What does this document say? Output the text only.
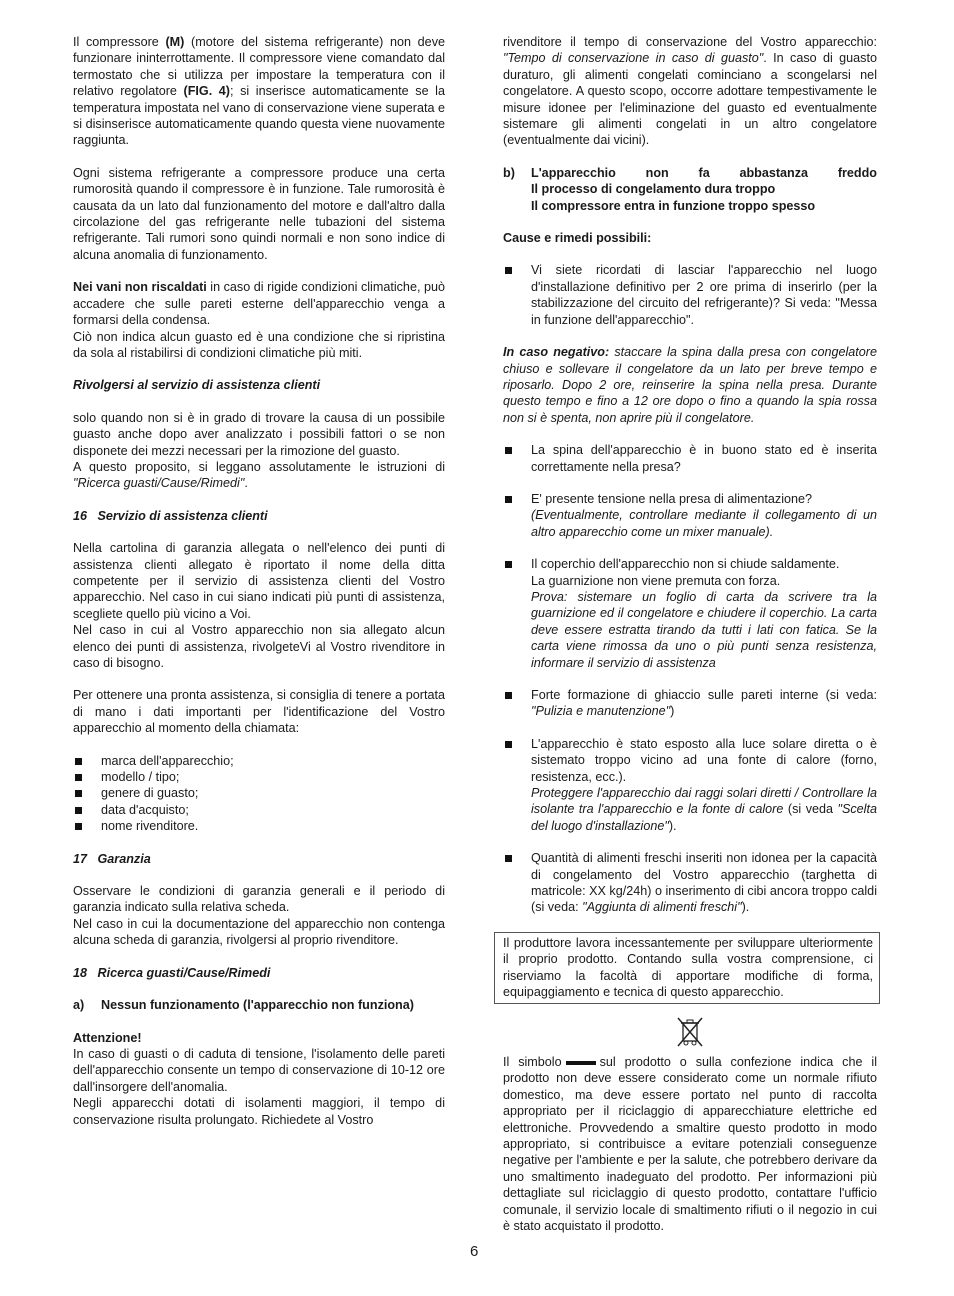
Il compressore (M) (motore del sistema refrigerante) non deve funzionare ininterrottamente. Il compressore viene comandato dal termostato che si utilizza per impostare la temperatura con il relativo regolatore (FIG. 4); si inserisce automaticamente se la temperatura impostata nel vano di conservazione viene superata e si disinserisce automaticamente quando questa viene nuovamente raggiunta.

Ogni sistema refrigerante a compressore produce una certa rumorosità quando il compressore è in funzione. Tale rumorosità è causata da un lato dal funzionamento del motore e dall'altro dalla circolazione del gas refrigerante nelle tubazioni del sistema refrigerante. Tali rumori sono quindi normali e non sono indice di alcuna anomalia di funzionamento.

Nei vani non riscaldati in caso di rigide condizioni climatiche, può accadere che sulle pareti esterne dell'apparecchio venga a formarsi della condensa.

Ciò non indica alcun guasto ed è una condizione che si ripristina da sola al ristabilirsi di condizioni climatiche più miti.

Rivolgersi al servizio di assistenza clienti

solo quando non si è in grado di trovare la causa di un possibile guasto anche dopo aver analizzato i possibili fattori o se non disponete dei mezzi necessari per la rimozione del guasto.

A questo proposito, si leggano assolutamente le istruzioni di "Ricerca guasti/Cause/Rimedi".

16   Servizio di assistenza clienti

Nella cartolina di garanzia allegata o nell'elenco dei punti di assistenza clienti allegato è riportato il nome della ditta competente per il servizio di assistenza clienti del Vostro apparecchio. Nel caso in cui siano indicati più punti di assistenza, scegliete quello più vicino a Voi.

Nel caso in cui al Vostro apparecchio non sia allegato alcun elenco dei punti di assistenza, rivolgeteVi al Vostro rivenditore in caso di bisogno.

Per ottenere una pronta assistenza, si consiglia di tenere a portata di mano i dati importanti per l'identificazione del Vostro apparecchio al momento della chiamata:

marca dell'apparecchio;
modello / tipo;
genere di guasto;
data d'acquisto;
nome rivenditore.
17   Garanzia

Osservare le condizioni di garanzia generali e il periodo di garanzia indicato sulla relativa scheda.

Nel caso in cui la documentazione del apparecchio non contenga alcuna scheda di garanzia, rivolgersi al proprio rivenditore.

18   Ricerca guasti/Cause/Rimedi
a)	Nessun funzionamento (l'apparecchio non funziona)
Attenzione!

In caso di guasti o di caduta di tensione, l'isolamento delle pareti dell'apparecchio consente un tempo di conservazione di 10-12 ore dall'insorgere dell'anomalia.

Negli apparecchi dotati di isolamenti maggiori, il tempo di conservazione risulta prolungato. Richiedete al Vostro

rivenditore il tempo di conservazione del Vostro apparecchio: "Tempo di conservazione in caso di guasto". In caso di guasto duraturo, gli alimenti congelati cominciano a scongelarsi nel congelatore. A questo scopo, occorre adottare tempestivamente le misure idonee per l'eliminazione del guasto ed eventualmente sistemare gli alimenti congelati in un altro congelatore (eventualmente dai vicini).

b)	L'apparecchio non fa abbastanza freddo
Il processo di congelamento dura troppo
Il compressore entra in funzione troppo spesso

Cause e rimedi possibili:

Vi siete ricordati di lasciar l'apparecchio nel luogo d'installazione definitivo per 2 ore prima di inserirlo (per la stabilizzazione del circuito del refrigerante)? Si veda: "Messa in funzione dell'apparecchio".

In caso negativo: staccare la spina dalla presa con congelatore chiuso e sollevare il congelatore da un lato per breve tempo e riposarlo. Dopo 2 ore, reinserire la spina nella presa. Durante questo tempo e fino a 12 ore dopo o fino a quando la spia rossa non si è spenta, non aprire più il congelatore.

La spina dell'apparecchio è in buono stato ed è inserita correttamente nella presa?
E' presente tensione nella presa di alimentazione?
(Eventualmente, controllare mediante il collegamento di un altro apparecchio come un mixer manuale).
Il coperchio dell'apparecchio non si chiude saldamente.
La guarnizione non viene premuta con forza.
Prova: sistemare un foglio di carta da scrivere tra la guarnizione ed il congelatore e chiudere il coperchio. La carta deve essere estratta tirando da tutti i lati con fatica. Se la carta viene rimossa da uno o più punti senza resistenza, informare il servizio di assistenza
Forte formazione di ghiaccio sulle pareti interne (si veda: "Pulizia e manutenzione")
L'apparecchio è stato esposto alla luce solare diretta o è sistemato troppo vicino ad una fonte di calore (forno, resistenza, ecc.).
Proteggere l'apparecchio dai raggi solari diretti / Controllare la isolante tra l'apparecchio e la fonte di calore (si veda "Scelta del luogo d'installazione").
Quantità di alimenti freschi inseriti non idonea per la capacità di congelamento del Vostro apparecchio (targhetta di matricole: XX kg/24h) o inserimento di cibi ancora troppo caldi (si veda: "Aggiunta di alimenti freschi").
Il produttore lavora incessantemente per sviluppare ulteriormente il proprio prodotto. Contando sulla vostra comprensione, ci riserviamo la facoltà di apportare modifiche di forma, equipaggiamento e tecnica di questo apparecchio.

Il simbolo	sul prodotto o sulla confezione indica che il prodotto non deve essere considerato come un normale rifiuto domestico, ma deve essere portato nel punto di raccolta appropriato per il riciclaggio di apparecchiature elettriche ed elettroniche. Provvedendo a smaltire questo prodotto in modo appropriato, si contribuisce a evitare potenziali conseguenze negative per l'ambiente e per la salute, che potrebbero derivare da uno smaltimento inadeguato del prodotto. Per informazioni più dettagliate sul riciclaggio di questo prodotto, contattare l'ufficio comunale, il servizio locale di smaltimento rifiuti o il negozio in cui è stato acquistato il prodotto.

6
